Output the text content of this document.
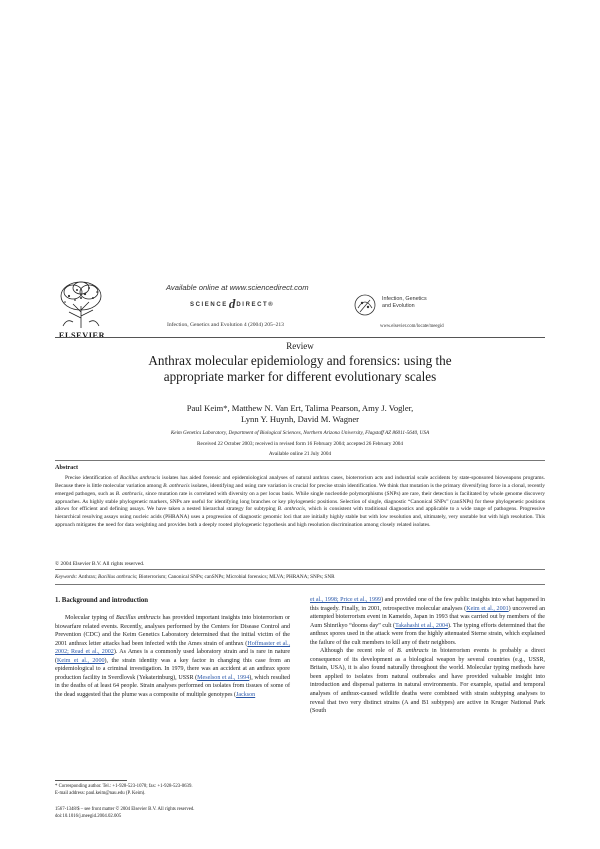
ELSEVIER
Available online at www.sciencedirect.com
SCIENCEdDIRECT®
Infection, Genetics and Evolution 4 (2004) 205–213
Infection, Genetics
and Evolution
www.elsevier.com/locate/meegid
Review
Anthrax molecular epidemiology and forensics: using the
appropriate marker for different evolutionary scales
Paul Keim*, Matthew N. Van Ert, Talima Pearson, Amy J. Vogler,
Lynn Y. Huynh, David M. Wagner
Keim Genetics Laboratory, Department of Biological Sciences, Northern Arizona University, Flagstaff AZ 86011-5640, USA
Received 22 October 2003; received in revised form 16 February 2004; accepted 26 February 2004
Available online 21 July 2004
Abstract

Precise identification of Bacillus anthracis isolates has aided forensic and epidemiological analyses of natural anthrax cases, bioterrorism acts and industrial scale accidents by state-sponsored bioweapons programs. Because there is little molecular variation among B. anthracis isolates, identifying and using rare variation is crucial for precise strain identification. We think that mutation is the primary diversifying force in a clonal, recently emerged pathogen, such as B. anthracis, since mutation rate is correlated with diversity on a per locus basis. While single nucleotide polymorphisms (SNPs) are rare, their detection is facilitated by whole genome discovery approaches. As highly stable phylogenetic markers, SNPs are useful for identifying long branches or key phylogenetic positions. Selection of single, diagnostic “Canonical SNPs” (canSNPs) for these phylogenetic positions allows for efficient and defining assays. We have taken a nested hierarchal strategy for subtyping B. anthracis, which is consistent with traditional diagnostics and applicable to a wide range of pathogens. Progressive hierarchical resolving assays using nucleic acids (PHRANA) uses a progression of diagnostic genomic loci that are initially highly stable but with low resolution and, ultimately, very unstable but with high resolution. This approach mitigates the need for data weighting and provides both a deeply rooted phylogenetic hypothesis and high resolution discrimination among closely related isolates.

© 2004 Elsevier B.V. All rights reserved.
Keywords: Anthrax; Bacillus anthracis; Bioterrorism; Canonical SNPs; canSNPs; Microbial forensics; MLVA; PHRANA; SNPs; SNR
1. Background and introduction

Molecular typing of Bacillus anthracis has provided important insights into bioterrorism or biowarfare related events. Recently, analyses performed by the Centers for Disease Control and Prevention (CDC) and the Keim Genetics Laboratory determined that the initial victim of the 2001 anthrax letter attacks had been infected with the Ames strain of anthrax (Hoffmaster et al., 2002; Read et al., 2002). As Ames is a commonly used laboratory strain and is rare in nature (Keim et al., 2000), the strain identity was a key factor in changing this case from an epidemiological to a criminal investigation. In 1979, there was an accident at an anthrax spore production facility in Sverdlovsk (Yekaterinburg), USSR (Meselson et al., 1994), which resulted in the deaths of at least 64 people. Strain analyses performed on isolates from tissues of some of the dead suggested that the plume was a composite of multiple genotypes (Jackson

et al., 1998; Price et al., 1999) and provided one of the few public insights into what happened in this tragedy. Finally, in 2001, retrospective molecular analyses (Keim et al., 2001) uncovered an attempted bioterrorism event in Kameido, Japan in 1993 that was carried out by members of the Aum Shinrikyo “dooms day” cult (Takahashi et al., 2004). The typing efforts determined that the anthrax spores used in the attack were from the highly attenuated Sterne strain, which explained the failure of the cult members to kill any of their neighbors.

Although the recent role of B. anthracis in bioterrorism events is probably a direct consequence of its development as a biological weapon by several countries (e.g., USSR, Britain, USA), it is also found naturally throughout the world. Molecular typing methods have been applied to isolates from natural outbreaks and have provided valuable insight into introduction and dispersal patterns in natural environments. For example, spatial and temporal analyses of anthrax-caused wildlife deaths were combined with strain subtyping analyses to reveal that two very distinct strains (A and B1 subtypes) are active in Kruger National Park (South

* Corresponding author. Tel.: +1-928-523-1078; fax: +1-928-523-0639.
E-mail address: paul.keim@nau.edu (P. Keim).
1567-1348/$ – see front matter © 2004 Elsevier B.V. All rights reserved.
doi:10.1016/j.meegid.2004.02.005
